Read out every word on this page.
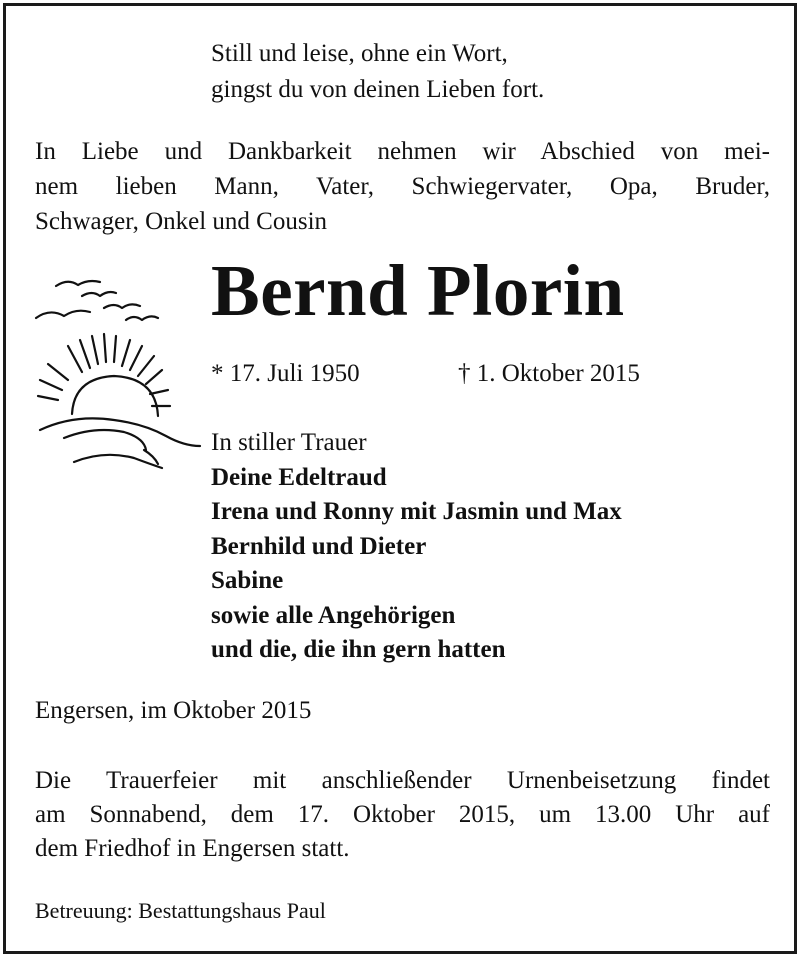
Still und leise, ohne ein Wort,
gingst du von deinen Lieben fort.
In Liebe und Dankbarkeit nehmen wir Abschied von mei-
nem lieben Mann, Vater, Schwiegervater, Opa, Bruder,
Schwager, Onkel und Cousin
Bernd Plorin
* 17. Juli 1950	† 1. Oktober 2015
In stiller Trauer
Deine Edeltraud
Irena und Ronny mit Jasmin und Max
Bernhild und Dieter
Sabine
sowie alle Angehörigen
und die, die ihn gern hatten
Engersen, im Oktober 2015
Die Trauerfeier mit anschließender Urnenbeisetzung findet
am Sonnabend, dem 17. Oktober 2015, um 13.00 Uhr auf
dem Friedhof in Engersen statt.
Betreuung: Bestattungshaus Paul
